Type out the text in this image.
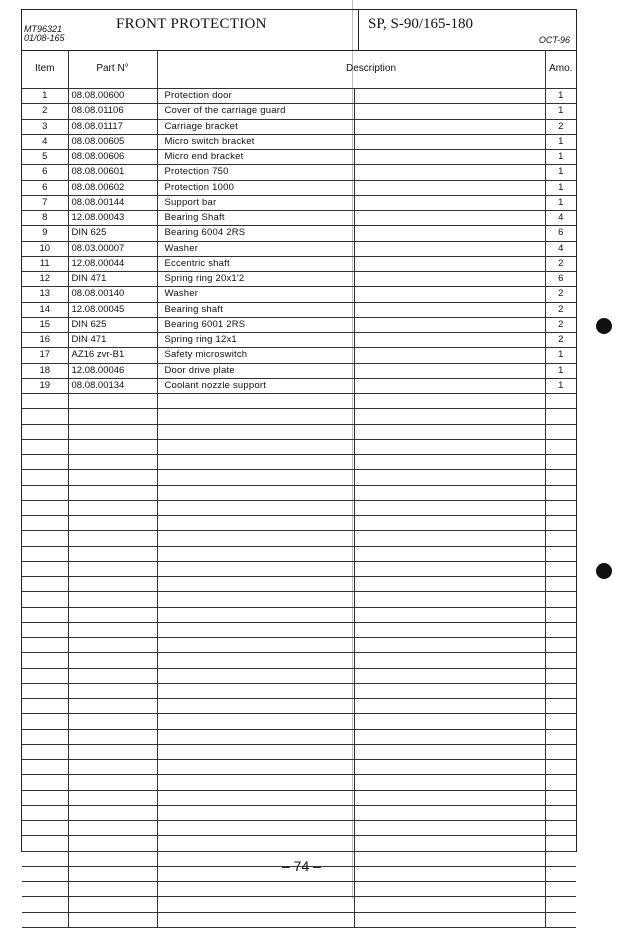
MT96321
01/08-165
FRONT PROTECTION	SP, S-90/165-180
OCT-96
Item	Part N°	Description		Amo.
1	08.08.00600	Protection door		1
2	08.08.01106	Cover of the carriage guard		1
3	08.08.01117	Carriage bracket		2
4	08.08.00605	Micro switch bracket		1
5	08.08.00606	Micro end bracket		1
6	08.08.00601	Protection 750		1
6	08.08.00602	Protection 1000		1
7	08.08.00144	Support bar		1
8	12.08.00043	Bearing Shaft		4
9	DIN 625	Bearing 6004 2RS		6
10	08.03.00007	Washer		4
11	12.08.00044	Eccentric shaft		2
12	DIN 471	Spring ring 20x1'2		6
13	08.08.00140	Washer		2
14	12.08.00045	Bearing shaft		2
15	DIN 625	Bearing 6001 2RS		2
16	DIN 471	Spring ring 12x1		2
17	AZ16 zvr-B1	Safety microswitch		1
18	12.08.00046	Door drive plate		1
19	08.08.00134	Coolant nozzle support		1

– 74 –
